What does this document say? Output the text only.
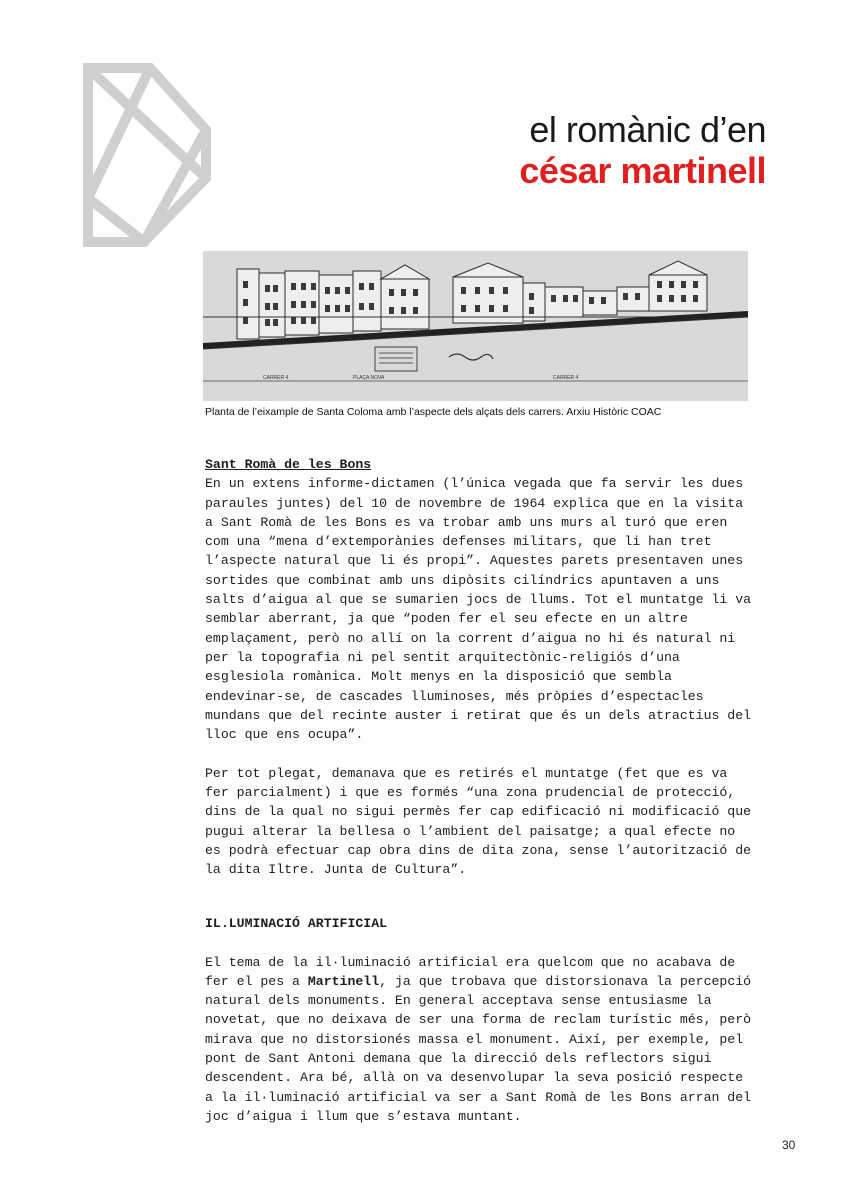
el romànic d’en
césar martinell
CARRER 4	PLAÇA NOVA	CARRER 4
Planta de l’eixample de Santa Coloma amb l’aspecte dels alçats dels carrers. Arxiu Històric COAC

Sant Romà de les Bons

En un extens informe-dictamen (l’única vegada que fa servir les dues

paraules juntes) del 10 de novembre de 1964 explica que en la visita

a Sant Romà de les Bons es va trobar amb uns murs al turó que eren

com una “mena d’extemporànies defenses militars, que li han tret

l’aspecte natural que li és propi”. Aquestes parets presentaven unes

sortides que combinat amb uns dipòsits cilíndrics apuntaven a uns

salts d’aigua al que se sumarien jocs de llums. Tot el muntatge li va

semblar aberrant, ja que “poden fer el seu efecte en un altre

emplaçament, però no allí on la corrent d’aigua no hi és natural ni

per la topografia ni pel sentit arquitectònic-religiós d’una

esglesiola romànica. Molt menys en la disposició que sembla

endevinar-se, de cascades lluminoses, més pròpies d’espectacles

mundans que del recinte auster i retirat que és un dels atractius del

lloc que ens ocupa”.

Per tot plegat, demanava que es retirés el muntatge (fet que es va

fer parcialment) i que es formés “una zona prudencial de protecció,

dins de la qual no sigui permès fer cap edificació ni modificació que

pugui alterar la bellesa o l’ambient del paisatge; a qual efecte no

es podrà efectuar cap obra dins de dita zona, sense l’autorització de

la dita Iltre. Junta de Cultura”.

IL.LUMINACIÓ ARTIFICIAL

El tema de la il·luminació artificial era quelcom que no acabava de

fer el pes a Martinell, ja que trobava que distorsionava la percepció

natural dels monuments. En general acceptava sense entusiasme la

novetat, que no deixava de ser una forma de reclam turístic més, però

mirava que no distorsionés massa el monument. Així, per exemple, pel

pont de Sant Antoni demana que la direcció dels reflectors sigui

descendent. Ara bé, allà on va desenvolupar la seva posició respecte

a la il·luminació artificial va ser a Sant Romà de les Bons arran del

joc d’aigua i llum que s’estava muntant.

30
